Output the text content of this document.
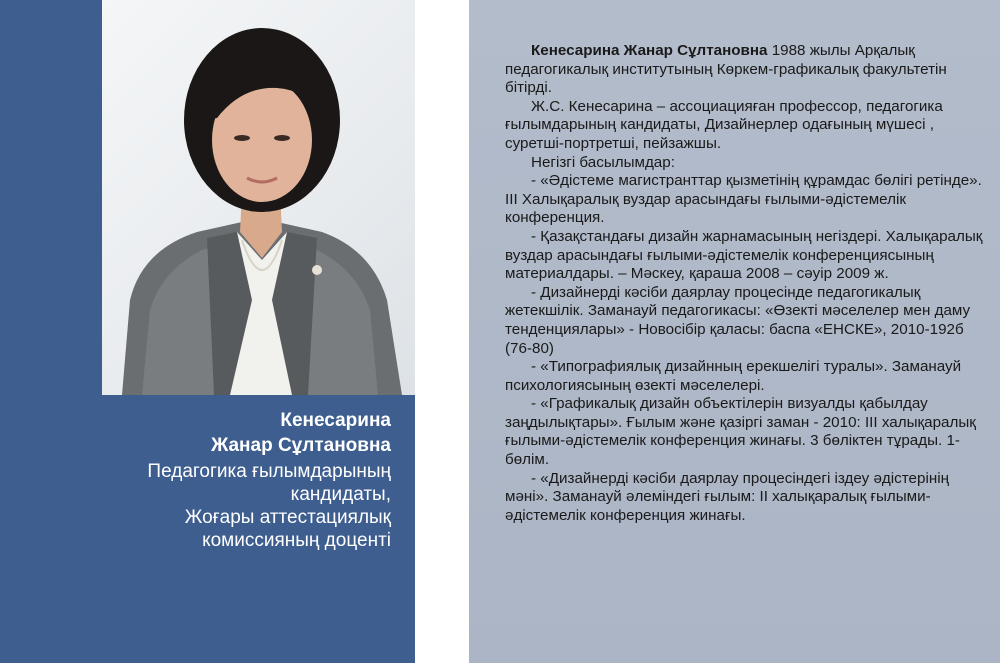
Кенесарина
Жанар Сұлтановна
Педагогика ғылымдарының
кандидаты,
Жоғары аттестациялық
комиссияның доценті

Кенесарина Жанар Сұлтановна 1988 жылы Арқалық педагогикалық институтының Көркем-графикалық факультетін бітірді.

Ж.С. Кенесарина – ассоциацияған профессор, педагогика ғылымдарының кандидаты, Дизайнерлер одағының мүшесі , суретші-портретші, пейзажшы.

Негізгі басылымдар:

- «Әдістеме магистранттар қызметінің құрамдас бөлігі ретінде». III Халықаралық вуздар арасындағы ғылыми-әдістемелік конференция.

- Қазақстандағы дизайн жарнамасының негіздері. Халықаралық вуздар арасындағы ғылыми-әдістемелік конференциясының материалдары. – Мәскеу, қараша 2008 – сәуір 2009 ж.

- Дизайнерді кәсіби даярлау процесінде педагогикалық жетекшілік. Заманауй педагогикасы: «Өзекті мәселелер мен даму тенденциялары» - Новосібір қаласы: баспа «ЕНСКЕ», 2010-192б (76-80)

- «Типографиялық дизайнның ерекшелігі туралы». Заманауй психологиясының өзекті мәселелері.

- «Графикалық дизайн объектілерін визуалды қабылдау заңдылықтары». Ғылым және қазіргі заман - 2010: III халықаралық ғылыми-әдістемелік конференция жинағы. 3 бөліктен тұрады. 1- бөлім.

- «Дизайнерді кәсіби даярлау процесіндегі іздеу әдістерінің мәні». Заманауй әлеміндегі ғылым: II халықаралық ғылыми-әдістемелік конференция жинағы.
